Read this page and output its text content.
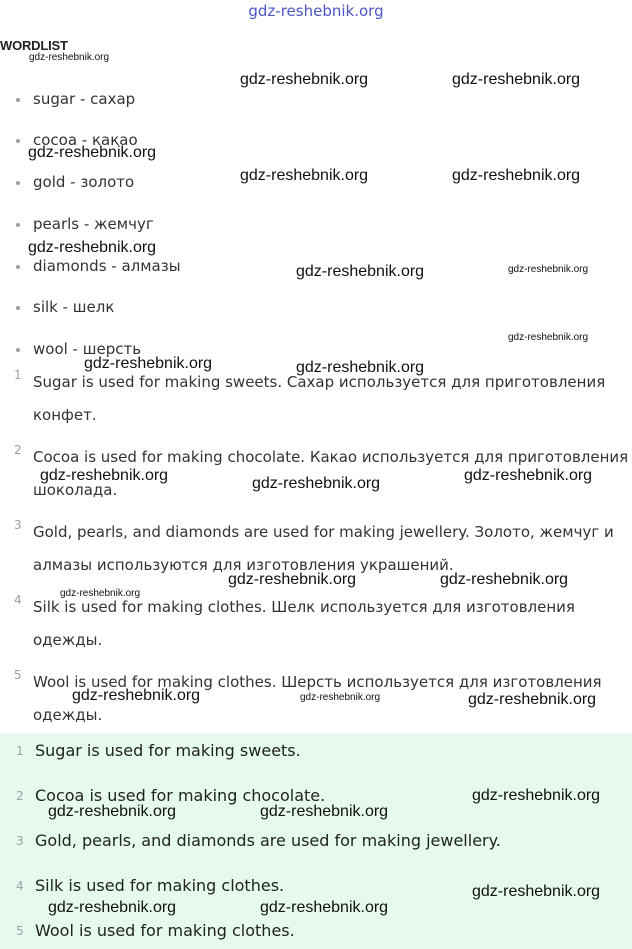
gdz-reshebnik.org
WORDLIST
sugar - сахар
cocoa - какао
gold - золото
pearls - жемчуг
diamonds - алмазы
silk - шелк
wool - шерсть
1 Sugar is used for making sweets. Сахар используется для приготовления конфет.
2 Cocoa is used for making chocolate. Какао используется для приготовления шоколада.
3 Gold, pearls, and diamonds are used for making jewellery. Золото, жемчуг и алмазы используются для изготовления украшений.
4 Silk is used for making clothes. Шелк используется для изготовления одежды.
5 Wool is used for making clothes. Шерсть используется для изготовления одежды.
1 Sugar is used for making sweets.
2 Cocoa is used for making chocolate.
3 Gold, pearls, and diamonds are used for making jewellery.
4 Silk is used for making clothes.
5 Wool is used for making clothes.
gdz-reshebnik.org
gdz-reshebnik.org	gdz-reshebnik.org
gdz-reshebnik.org
gdz-reshebnik.org	gdz-reshebnik.org
gdz-reshebnik.org
gdz-reshebnik.org	gdz-reshebnik.org
gdz-reshebnik.org
gdz-reshebnik.org	gdz-reshebnik.org
gdz-reshebnik.org	gdz-reshebnik.org	gdz-reshebnik.org
gdz-reshebnik.org	gdz-reshebnik.org
gdz-reshebnik.org
gdz-reshebnik.org	gdz-reshebnik.org	gdz-reshebnik.org
gdz-reshebnik.org
gdz-reshebnik.org	gdz-reshebnik.org
gdz-reshebnik.org
gdz-reshebnik.org	gdz-reshebnik.org
